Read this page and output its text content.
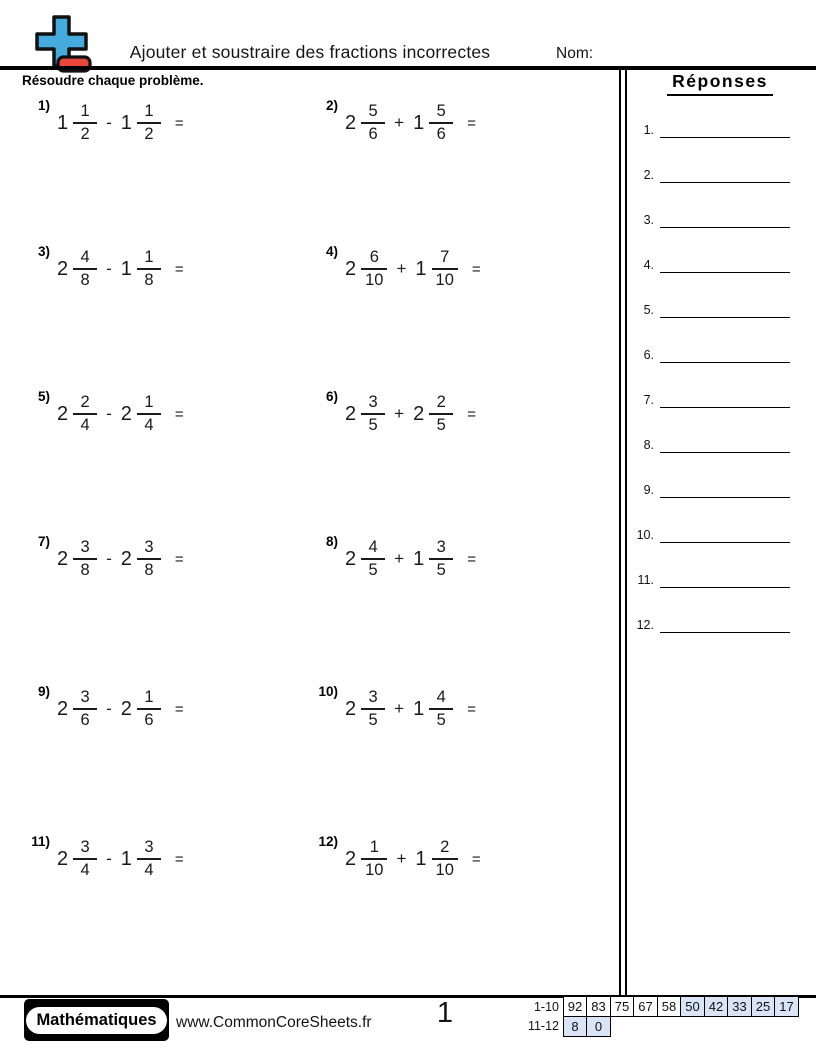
Ajouter et soustraire des fractions incorrectes	Nom:
Résoudre chaque problème.	Réponses
1.
2.
3.
4.
5.
6.
7.
8.
9.
10.
11.
12.
1)
$1 \frac{1}{2} - 1 \frac{1}{2}$ =
2)
$2 \frac{5}{6} + 1 \frac{5}{6}$ =
3)
$2 \frac{4}{8} - 1 \frac{1}{8}$ =
4)
$2 \frac{6}{10} + 1 \frac{7}{10}$ =
5)
$2 \frac{2}{4} - 2 \frac{1}{4}$ =
6)
$2 \frac{3}{5} + 2 \frac{2}{5}$ =
7)
$2 \frac{3}{8} - 2 \frac{3}{8}$ =
8)
$2 \frac{4}{5} + 1 \frac{3}{5}$ =
9)
$2 \frac{3}{6} - 2 \frac{1}{6}$ =
10)
$2 \frac{3}{5} + 1 \frac{4}{5}$ =
11)
$2 \frac{3}{4} - 1 \frac{3}{4}$ =
12)
$2 \frac{1}{10} + 1 \frac{2}{10}$ =
Mathématiques	www.CommonCoreSheets.fr	1	1-10 92 83 75 67 58 50 42 33 25 17
11-12 8	0
